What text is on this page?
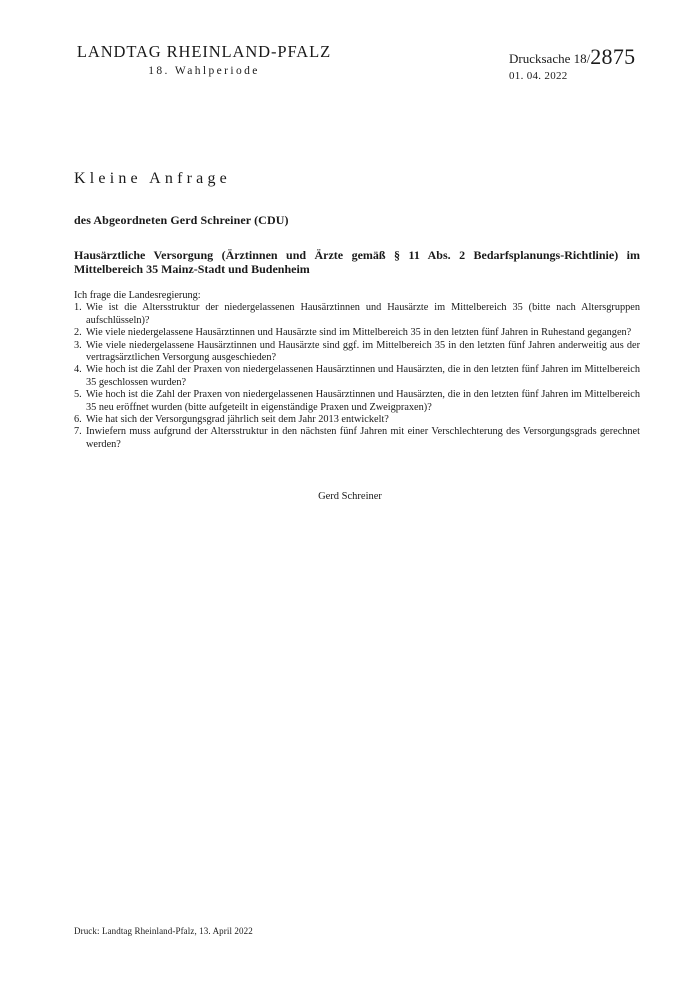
LANDTAG RHEINLAND-PFALZ
18. Wahlperiode
Drucksache 18/2875
01. 04. 2022
Kleine Anfrage
des Abgeordneten Gerd Schreiner (CDU)

Hausärztliche Versorgung (Ärztinnen und Ärzte gemäß § 11 Abs. 2 Bedarfsplanungs-Richtlinie) im Mittelbereich 35 Mainz-Stadt und Budenheim

Ich frage die Landesregierung:

1. Wie ist die Altersstruktur der niedergelassenen Hausärztinnen und Hausärzte im Mittelbereich 35 (bitte nach Altersgruppen aufschlüsseln)?
2. Wie viele niedergelassene Hausärztinnen und Hausärzte sind im Mittelbereich 35 in den letzten fünf Jahren in Ruhestand gegangen?
3. Wie viele niedergelassene Hausärztinnen und Hausärzte sind ggf. im Mittelbereich 35 in den letzten fünf Jahren anderweitig aus der vertragsärztlichen Versorgung ausgeschieden?
4. Wie hoch ist die Zahl der Praxen von niedergelassenen Hausärztinnen und Hausärzten, die in den letzten fünf Jahren im Mittelbereich 35 geschlossen wurden?
5. Wie hoch ist die Zahl der Praxen von niedergelassenen Hausärztinnen und Hausärzten, die in den letzten fünf Jahren im Mittelbereich 35 neu eröffnet wurden (bitte aufgeteilt in eigenständige Praxen und Zweigpraxen)?
6. Wie hat sich der Versorgungsgrad jährlich seit dem Jahr 2013 entwickelt?
7. Inwiefern muss aufgrund der Altersstruktur in den nächsten fünf Jahren mit einer Verschlechterung des Versorgungsgrads gerechnet werden?
Gerd Schreiner
Druck: Landtag Rheinland-Pfalz, 13. April 2022
